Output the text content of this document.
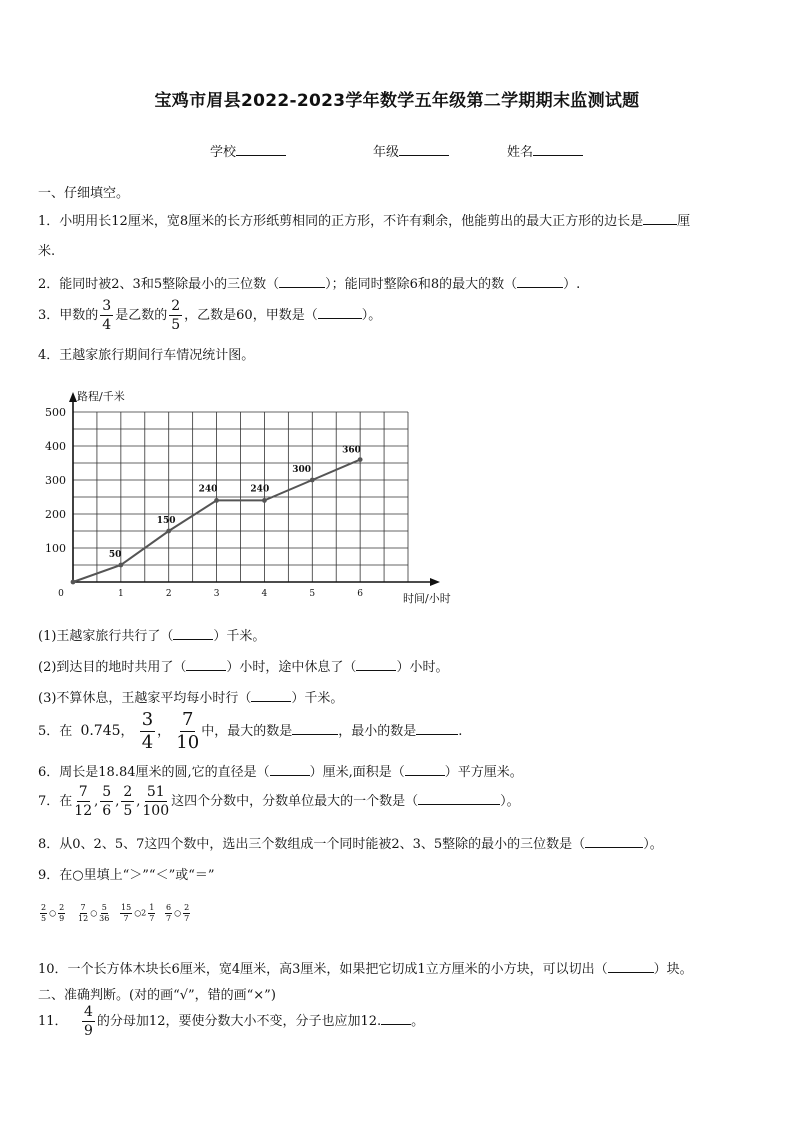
宝鸡市眉县2022-2023学年数学五年级第二学期期末监测试题
学校	年级	姓名
一、仔细填空。
1．小明用长12厘米，宽8厘米的长方形纸剪相同的正方形，不许有剩余，他能剪出的最大正方形的边长是	厘
米.
2．能同时被2、3和5整除最小的三位数（	）；能同时整除6和8的最大的数（	）.
3．甲数的 $\frac{3}{4}$ 是乙数的 $\frac{2}{5}$ ，乙数是60，甲数是（	）。
4．王越家旅行期间行车情况统计图。
路程/千米
时间/小时
0	1	2	3	4	5	6
100
200
300
400
500
50
150
240	240
300
360
(1)王越家旅行共行了（	）千米。
(2)到达目的地时共用了（	）小时，途中休息了（	）小时。
(3)不算休息，王越家平均每小时行（	）千米。
5．在 0.745， $\frac{3}{4}$ ， $\frac{7}{10}$ 中，最大的数是	，最小的数是	.
6．周长是18.84厘米的圆,它的直径是（	）厘米,面积是（	）平方厘米。
7．在 $\frac{7}{12}$ , $\frac{5}{6}$ , $\frac{2}{5}$ , $\frac{51}{100}$ 这四个分数中，分数单位最大的一个数是（	）。
8．从0、2、5、7这四个数中，选出三个数组成一个同时能被2、3、5整除的最小的三位数是（	）。
9．在○里填上“＞”“＜”或“＝”
$\frac{2}{5}$ ○ $\frac{2}{9} \frac{7}{12}$ ○ $\frac{5}{36} \frac{15}{7}$ ○2 $\frac{1}{7} \frac{6}{7}$ ○ $\frac{2}{7}$
10．一个长方体木块长6厘米，宽4厘米，高3厘米，如果把它切成1立方厘米的小方块，可以切出（	）块。
二、准确判断。(对的画“√”，错的画“×”)
11． $\frac{4}{9}$ 的分母加12，要使分数大小不变，分子也应加12. 。
